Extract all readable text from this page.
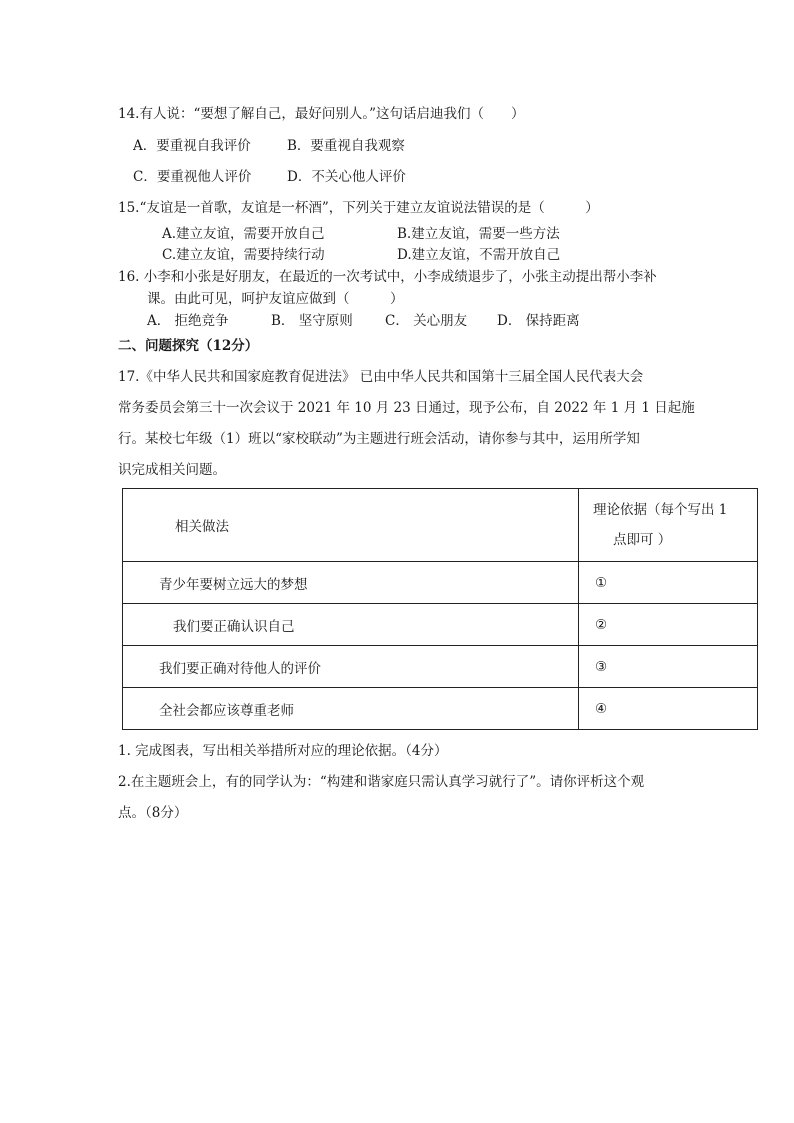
14.有人说：“要想了解自己，最好问别人。”这句话启迪我们（　　）
A．要重视自我评价	B．要重视自我观察
C．要重视他人评价	D．不关心他人评价
15.“友谊是一首歌，友谊是一杯酒”，下列关于建立友谊说法错误的是（　　　）
A.建立友谊，需要开放自己	B.建立友谊，需要一些方法
C.建立友谊，需要持续行动	D.建立友谊，不需开放自己
16. 小李和小张是好朋友，在最近的一次考试中，小李成绩退步了，小张主动提出帮小李补
课。由此可见，呵护友谊应做到（　　　）
A． 拒绝竞争	B． 坚守原则 C． 关心朋友 D． 保持距离
二、问题探究（12分）
17.《中华人民共和国家庭教育促进法》 已由中华人民共和国第十三届全国人民代表大会
常务委员会第三十一次会议于 2021 年 10 月 23 日通过，现予公布，自 2022 年 1 月 1 日起施
行。某校七年级（1）班以“家校联动”为主题进行班会活动，请你参与其中，运用所学知
识完成相关问题。
相关做法	理论依据（每个写出 1
点即可 ）

青少年要树立远大的梦想	①
我们要正确认识自己	②
我们要正确对待他人的评价	③
全社会都应该尊重老师	④
1. 完成图表，写出相关举措所对应的理论依据。（4分）
2.在主题班会上，有的同学认为：“构建和谐家庭只需认真学习就行了”。请你评析这个观
点。（8分）
